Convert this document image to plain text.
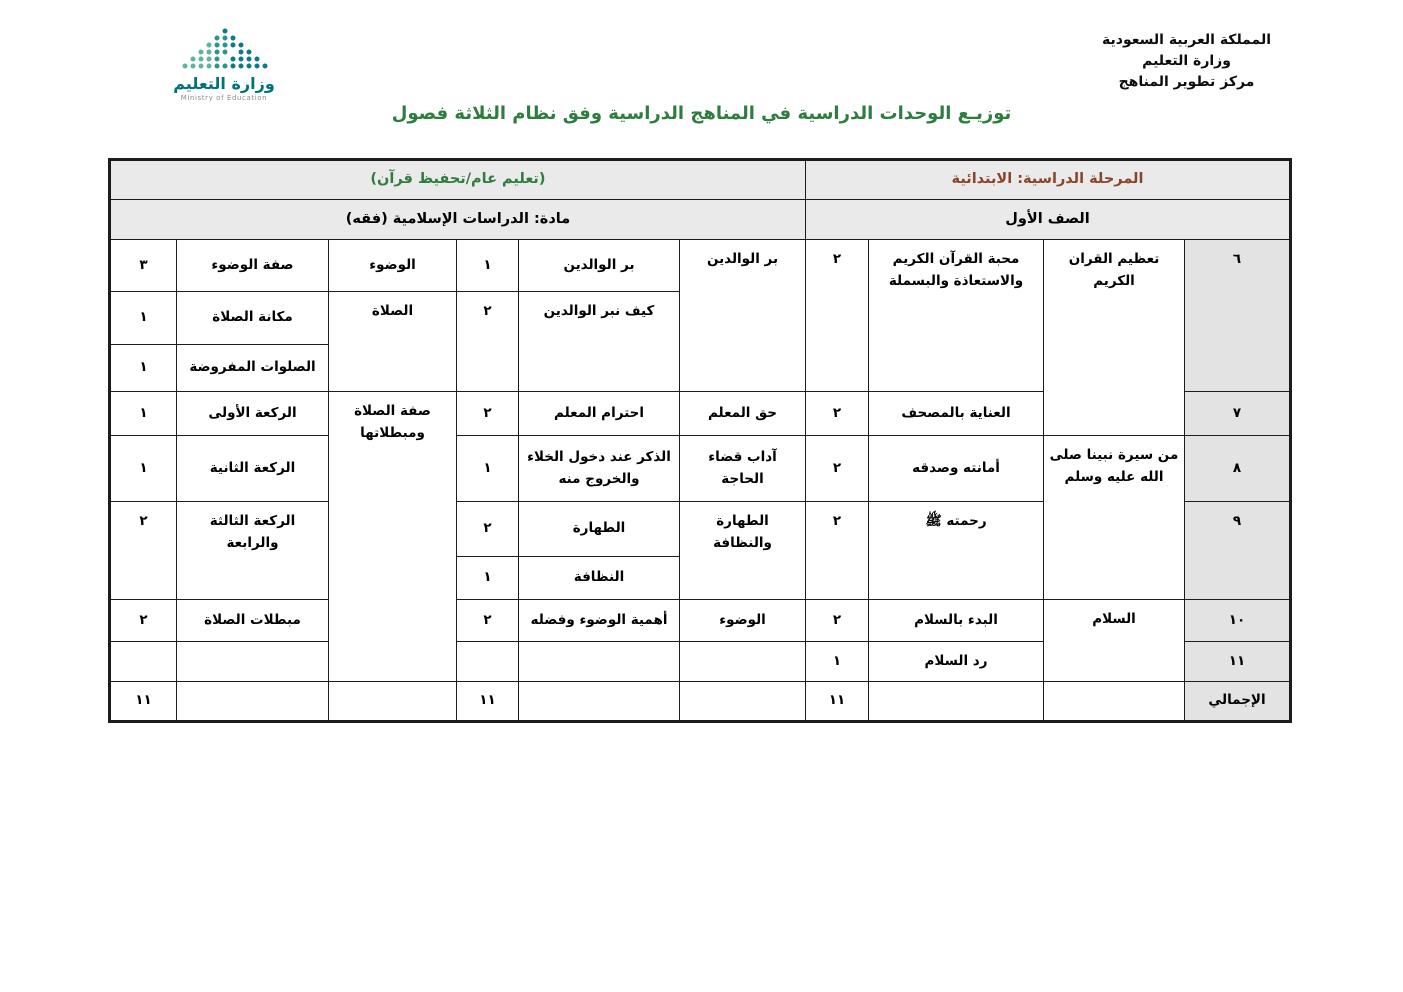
المملكة العربية السعودية
وزارة التعليم
مركز تطوير المناهج
وزارة التعليم
Ministry of Education
توزيـع الوحدات الدراسية في المناهج الدراسية وفق نظام الثلاثة فصول
المرحلة الدراسية: الابتدائية				(تعليم عام/تحفيظ قرآن)					
الصف الأول				مادة: الدراسات الإسلامية (فقه)					
٦	تعظيم القران الكريم	محبة القرآن الكريم والاستعاذة والبسملة	٢	بر الوالدين	بر الوالدين	١	الوضوء	صفة الوضوء	٣
					كيف نبر الوالدين	٢	الصلاة	مكانة الصلاة	١
								الصلوات المفروضة	١
٧		العناية بالمصحف	٢	حق المعلم	احترام المعلم	٢	صفة الصلاة ومبطلاتها	الركعة الأولى	١
٨	من سيرة نبينا صلى الله عليه وسلم	أمانته وصدقه	٢	آداب قضاء الحاجة	الذكر عند دخول الخلاء والخروج منه	١		الركعة الثانية	١
٩		رحمته ﷺ	٢	الطهارة والنظافة	الطهارة	٢		الركعة الثالثة والرابعة	٢
					النظافة	١			
١٠	السلام	البدء بالسلام	٢	الوضوء	أهمية الوضوء وفضله	٢		مبطلات الصلاة	٢
١١		رد السلام	١						
الإجمالي			١١			١١			١١
